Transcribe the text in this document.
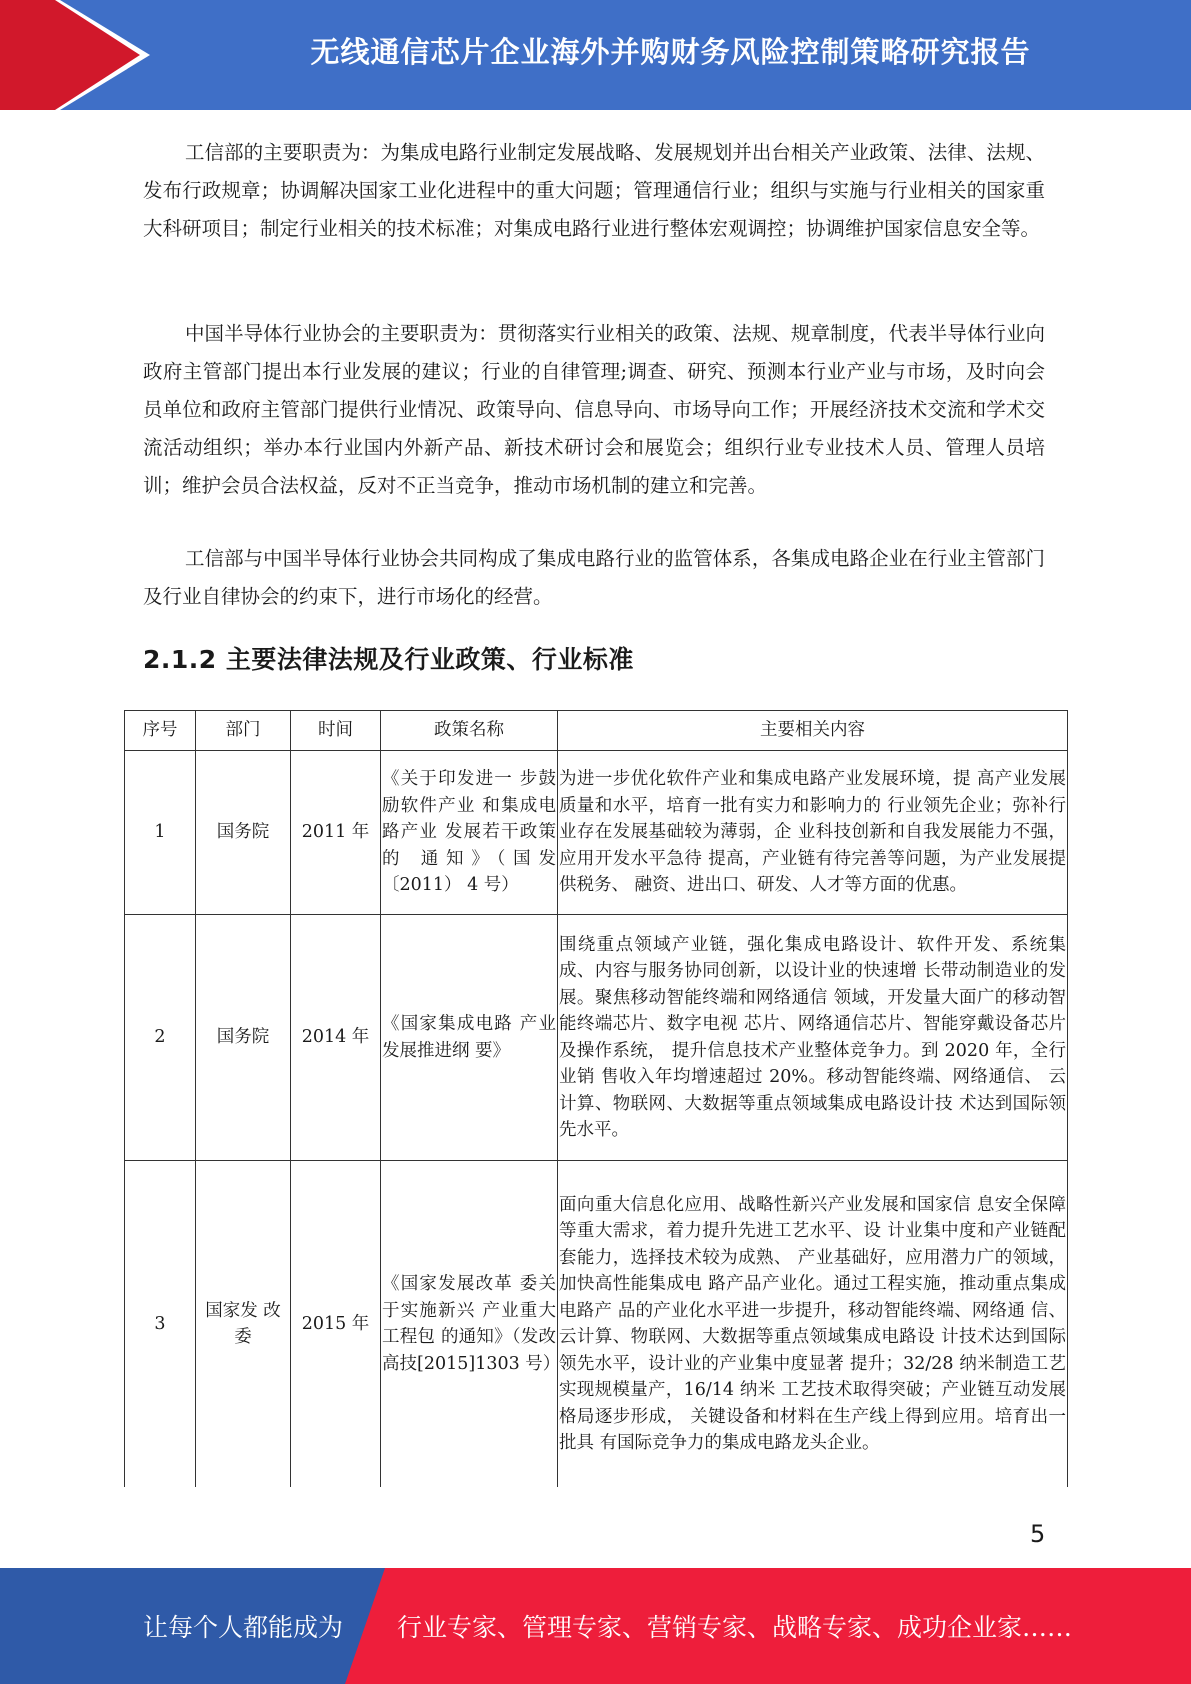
无线通信芯片企业海外并购财务风险控制策略研究报告

工信部的主要职责为：为集成电路行业制定发展战略、发展规划并出台相关产业政策、法律、法规、发布行政规章；协调解决国家工业化进程中的重大问题；管理通信行业；组织与实施与行业相关的国家重大科研项目；制定行业相关的技术标准；对集成电路行业进行整体宏观调控；协调维护国家信息安全等。

中国半导体行业协会的主要职责为：贯彻落实行业相关的政策、法规、规章制度，代表半导体行业向政府主管部门提出本行业发展的建议；行业的自律管理;调查、研究、预测本行业产业与市场，及时向会员单位和政府主管部门提供行业情况、政策导向、信息导向、市场导向工作；开展经济技术交流和学术交流活动组织；举办本行业国内外新产品、新技术研讨会和展览会；组织行业专业技术人员、管理人员培训；维护会员合法权益，反对不正当竞争，推动市场机制的建立和完善。

工信部与中国半导体行业协会共同构成了集成电路行业的监管体系，各集成电路企业在行业主管部门及行业自律协会的约束下，进行市场化的经营。

2.1.2 主要法律法规及行业政策、行业标准
序号	部门	时间	政策名称	主要相关内容
1	国务院	2011 年	《关于印发进一 步鼓励软件产业 和集成电路产业 发展若干政策的 通知》（国发〔2011） 4 号）	为进一步优化软件产业和集成电路产业发展环境，提 高产业发展质量和水平，培育一批有实力和影响力的 行业领先企业；弥补行业存在发展基础较为薄弱，企 业科技创新和自我发展能力不强，应用开发水平急待 提高，产业链有待完善等问题，为产业发展提供税务、 融资、进出口、研发、人才等方面的优惠。
2	国务院	2014 年	《国家集成电路 产业发展推进纲 要》	围绕重点领域产业链，强化集成电路设计、软件开发、系统集成、内容与服务协同创新，以设计业的快速增 长带动制造业的发展。聚焦移动智能终端和网络通信 领域，开发量大面广的移动智能终端芯片、数字电视 芯片、网络通信芯片、智能穿戴设备芯片及操作系统， 提升信息技术产业整体竞争力。到 2020 年，全行业销 售收入年均增速超过 20%。移动智能终端、网络通信、 云计算、物联网、大数据等重点领域集成电路设计技 术达到国际领先水平。
3	国家发 改委	2015 年	《国家发展改革 委关于实施新兴 产业重大工程包 的通知》（发改 高技[2015]1303 号）	面向重大信息化应用、战略性新兴产业发展和国家信 息安全保障等重大需求，着力提升先进工艺水平、设 计业集中度和产业链配套能力，选择技术较为成熟、 产业基础好，应用潜力广的领域，加快高性能集成电 路产品产业化。通过工程实施，推动重点集成电路产 品的产业化水平进一步提升，移动智能终端、网络通 信、云计算、物联网、大数据等重点领域集成电路设 计技术达到国际领先水平，设计业的产业集中度显著 提升；32/28 纳米制造工艺实现规模量产，16/14 纳米 工艺技术取得突破；产业链互动发展格局逐步形成， 关键设备和材料在生产线上得到应用。培育出一批具 有国际竞争力的集成电路龙头企业。
5
让每个人都能成为 行业专家、管理专家、营销专家、战略专家、成功企业家……
